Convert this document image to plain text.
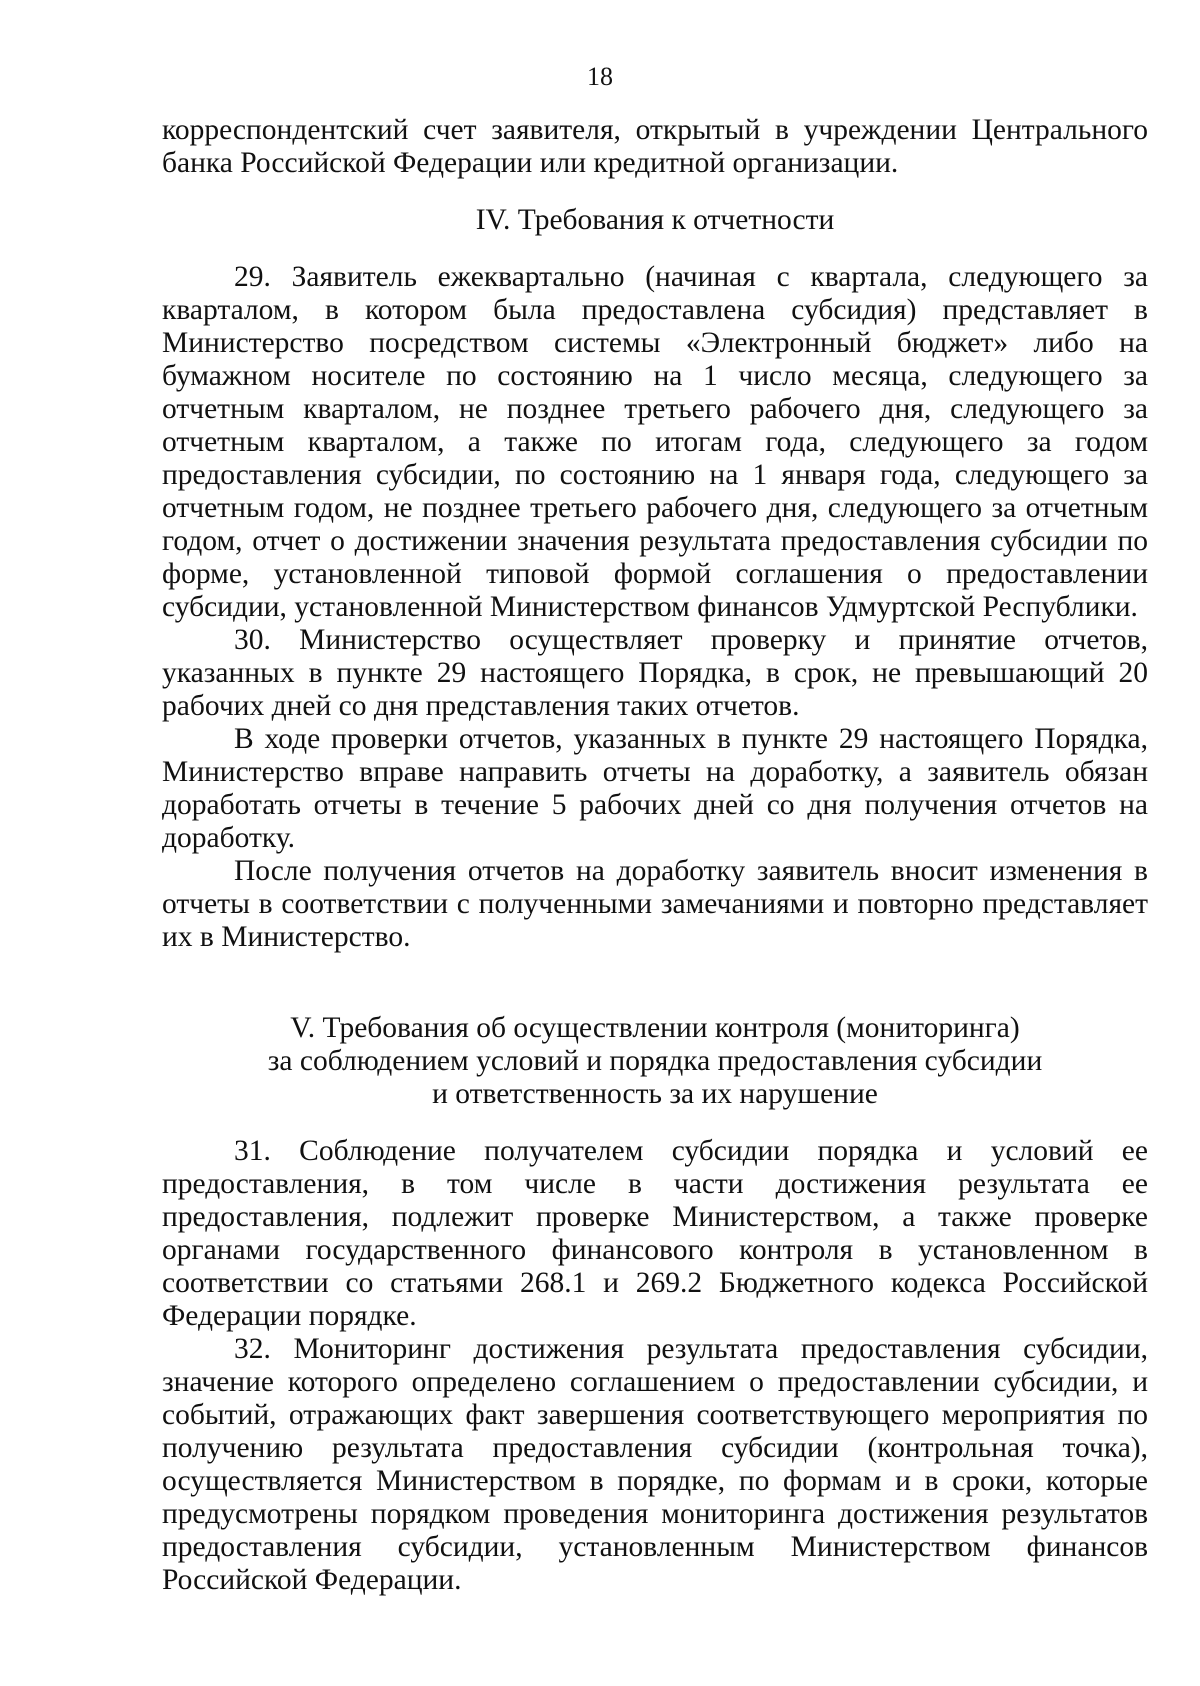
18

корреспондентский счет заявителя, открытый в учреждении Центрального банка Российской Федерации или кредитной организации.

IV. Требования к отчетности

29. Заявитель ежеквартально (начиная с квартала, следующего за кварталом, в котором была предоставлена субсидия) представляет в Министерство посредством системы «Электронный бюджет» либо на бумажном носителе по состоянию на 1 число месяца, следующего за отчетным кварталом, не позднее третьего рабочего дня, следующего за отчетным кварталом, а также по итогам года, следующего за годом предоставления субсидии, по состоянию на 1 января года, следующего за отчетным годом, не позднее третьего рабочего дня, следующего за отчетным годом, отчет о достижении значения результата предоставления субсидии по форме, установленной типовой формой соглашения о предоставлении субсидии, установленной Министерством финансов Удмуртской Республики.

30. Министерство осуществляет проверку и принятие отчетов, указанных в пункте 29 настоящего Порядка, в срок, не превышающий 20 рабочих дней со дня представления таких отчетов.

В ходе проверки отчетов, указанных в пункте 29 настоящего Порядка, Министерство вправе направить отчеты на доработку, а заявитель обязан доработать отчеты в течение 5 рабочих дней со дня получения отчетов на доработку.

После получения отчетов на доработку заявитель вносит изменения в отчеты в соответствии с полученными замечаниями и повторно представляет их в Министерство.

V. Требования об осуществлении контроля (мониторинга)
за соблюдением условий и порядка предоставления субсидии
и ответственность за их нарушение

31. Соблюдение получателем субсидии порядка и условий ее предоставления, в том числе в части достижения результата ее предоставления, подлежит проверке Министерством, а также проверке органами государственного финансового контроля в установленном в соответствии со статьями 268.1 и 269.2 Бюджетного кодекса Российской Федерации порядке.

32. Мониторинг достижения результата предоставления субсидии, значение которого определено соглашением о предоставлении субсидии, и событий, отражающих факт завершения соответствующего мероприятия по получению результата предоставления субсидии (контрольная точка), осуществляется Министерством в порядке, по формам и в сроки, которые предусмотрены порядком проведения мониторинга достижения результатов предоставления субсидии, установленным Министерством финансов Российской Федерации.
